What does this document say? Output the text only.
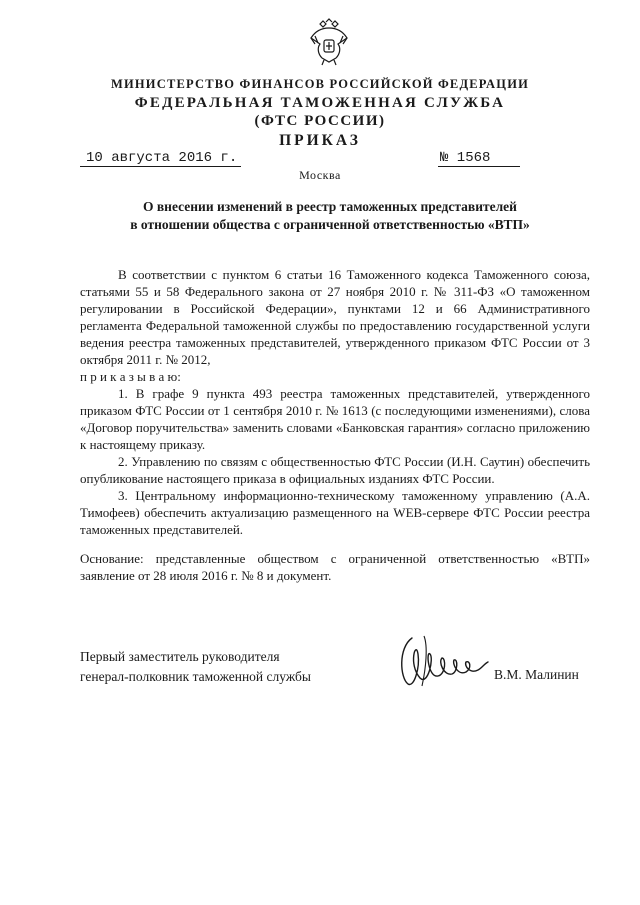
МИНИСТЕРСТВО ФИНАНСОВ РОССИЙСКОЙ ФЕДЕРАЦИИ
ФЕДЕРАЛЬНАЯ ТАМОЖЕННАЯ СЛУЖБА
(ФТС РОССИИ)
ПРИКАЗ
10 августа 2016 г.	№ 1568
Москва
О внесении изменений в реестр таможенных представителей
в отношении общества с ограниченной ответственностью «ВТП»

В соответствии с пунктом 6 статьи 16 Таможенного кодекса Таможенного союза, статьями 55 и 58 Федерального закона от 27 ноября 2010 г. № 311-ФЗ «О таможенном регулировании в Российской Федерации», пунктами 12 и 66 Административного регламента Федеральной таможенной службы по предоставлению государственной услуги ведения реестра таможенных представителей, утвержденного приказом ФТС России от 3 октября 2011 г. № 2012,

п р и к а з ы в а ю:

1. В графе 9 пункта 493 реестра таможенных представителей, утвержденного приказом ФТС России от 1 сентября 2010 г. № 1613 (с последующими изменениями), слова «Договор поручительства» заменить словами «Банковская гарантия» согласно приложению к настоящему приказу.

2. Управлению по связям с общественностью ФТС России (И.Н. Саутин) обеспечить опубликование настоящего приказа в официальных изданиях ФТС России.

3. Центральному информационно-техническому таможенному управлению (А.А. Тимофеев) обеспечить актуализацию размещенного на WEB-сервере ФТС России реестра таможенных представителей.

Основание: представленные обществом с ограниченной ответственностью «ВТП» заявление от 28 июля 2016 г. № 8 и документ.

Первый заместитель руководителя
генерал-полковник таможенной службы	В.М. Малинин
